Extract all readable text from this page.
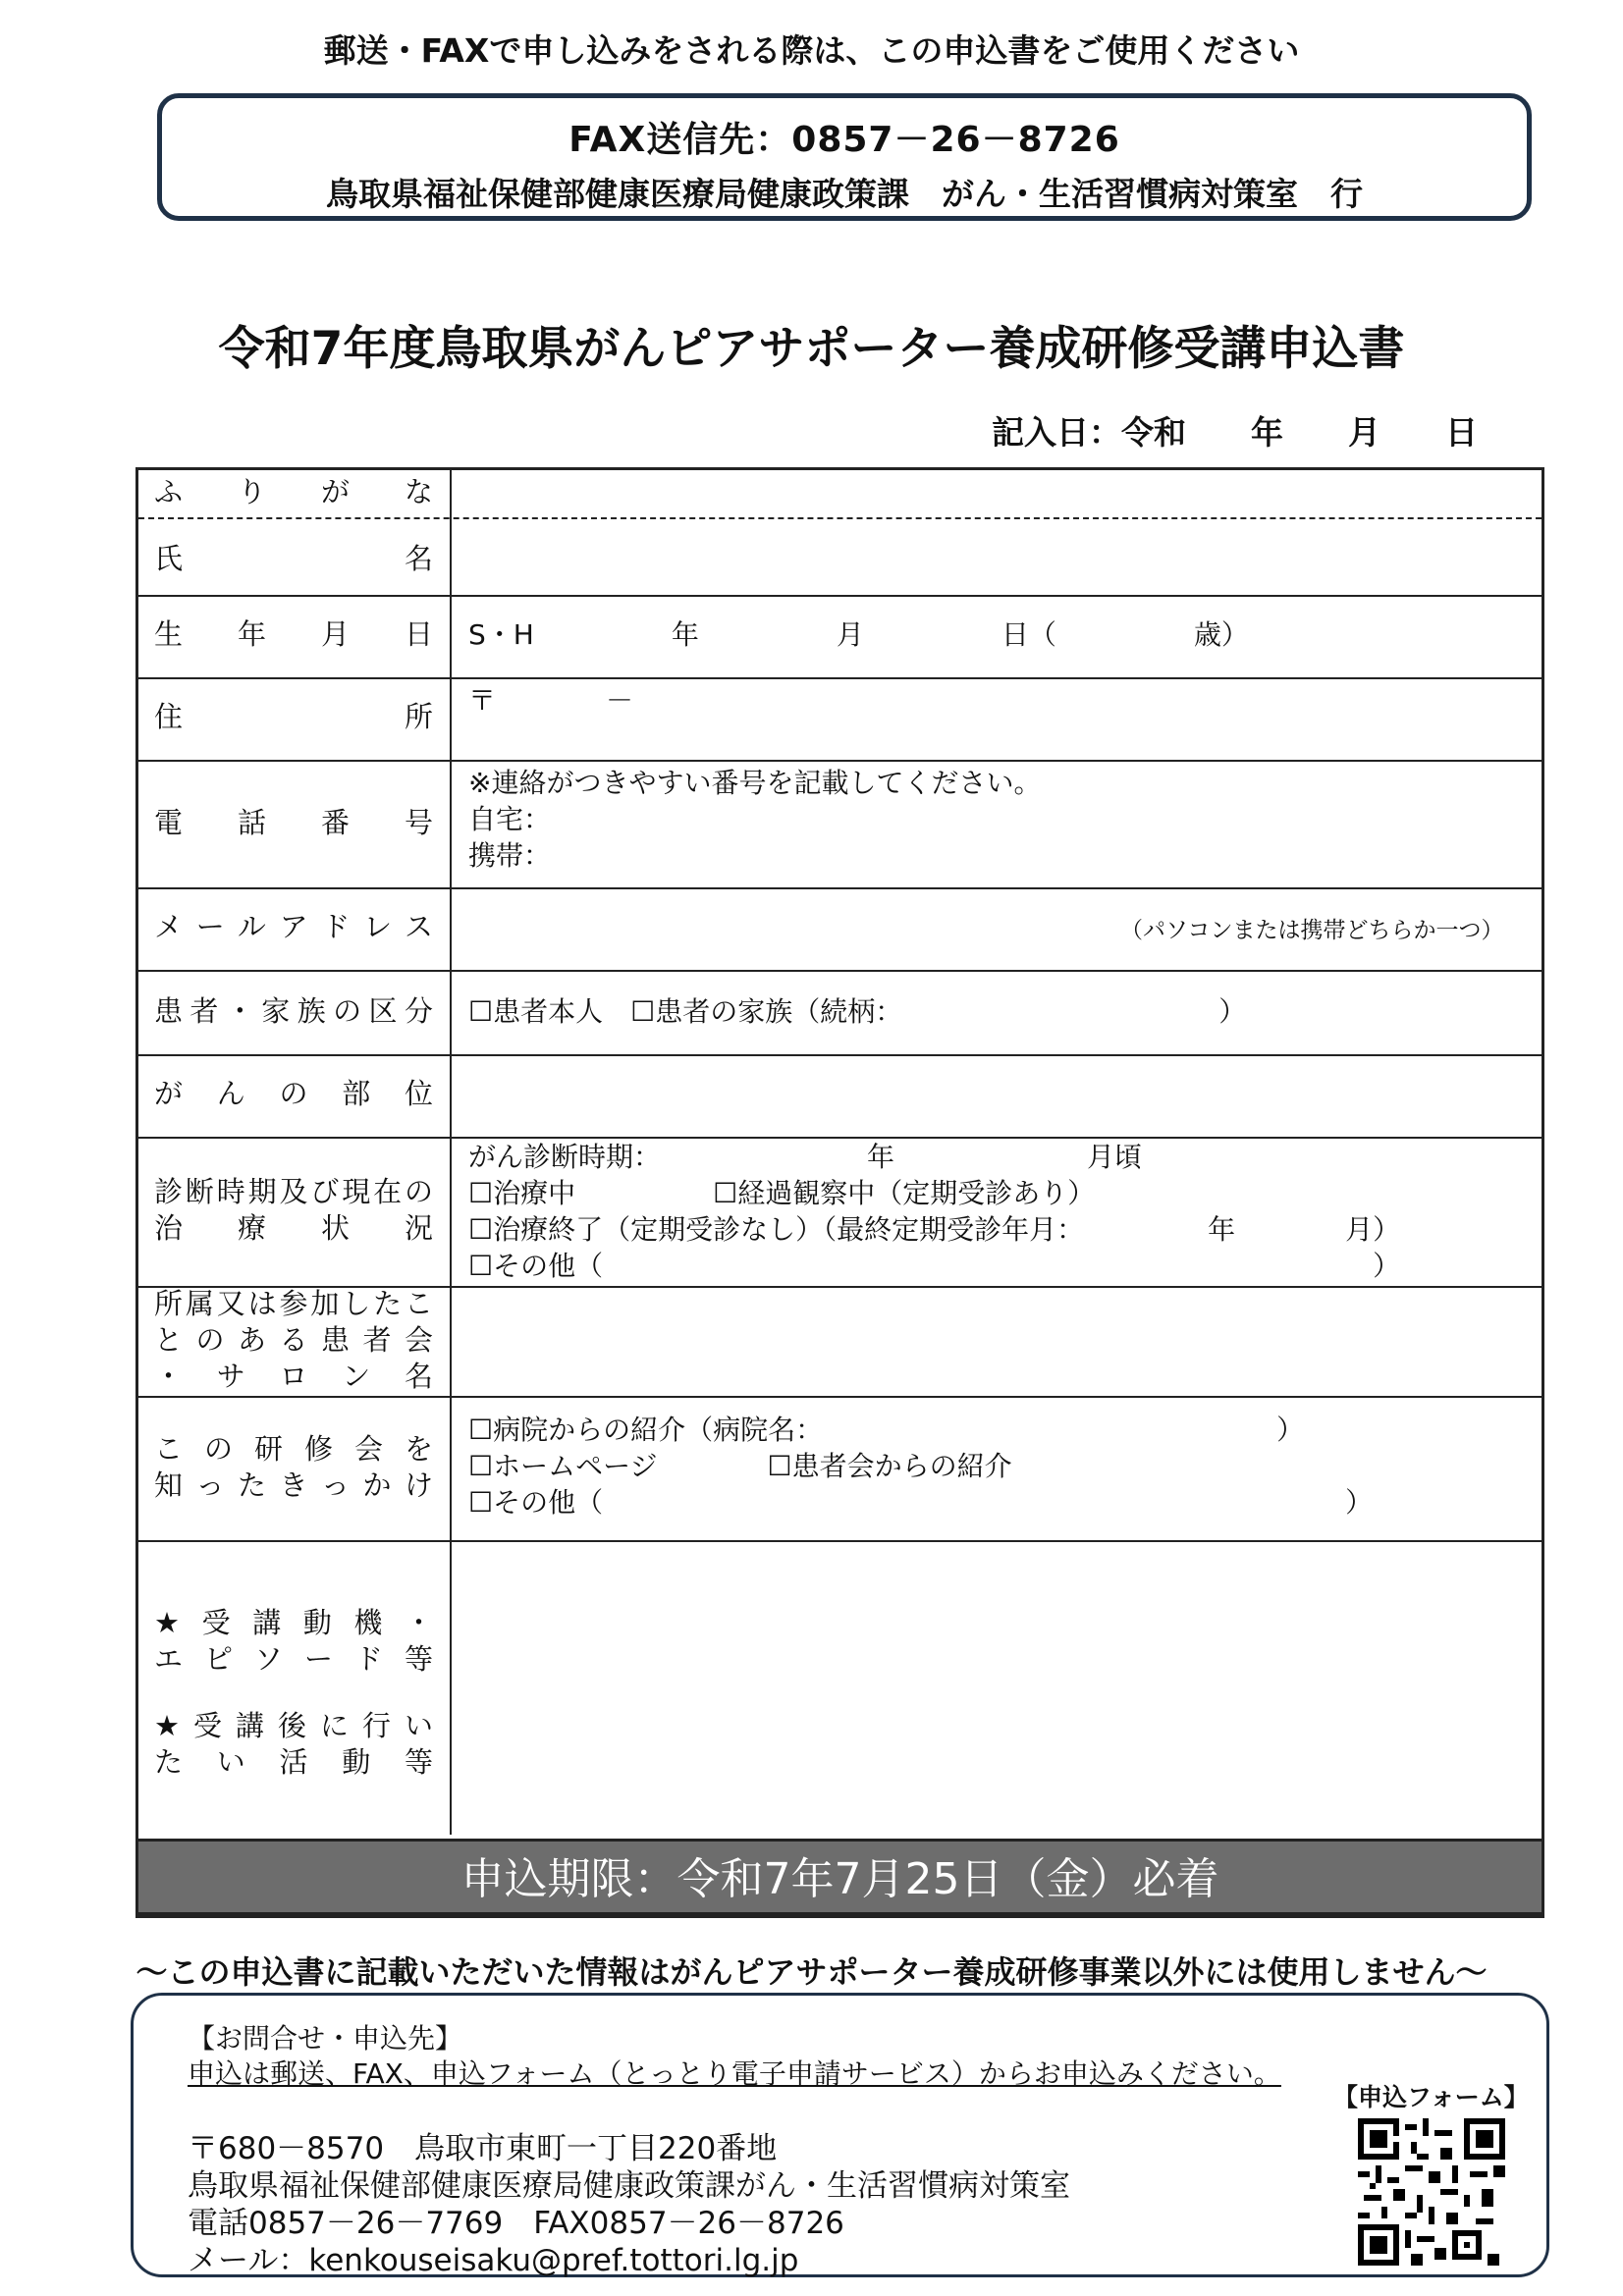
郵送・FAXで申し込みをされる際は、この申込書をご使用ください
FAX送信先：0857－26－8726
鳥取県福祉保健部健康医療局健康政策課　がん・生活習慣病対策室　行
令和7年度鳥取県がんピアサポーター養成研修受講申込書
記入日：令和　　年　　月　　日
ふりがな
氏名
生年月日 S・H　　　　　年　　　　　月　　　　　日（　　　　　歳）
住所 〒　　　　－
電話番号
※連絡がつきやすい番号を記載してください。
自宅：
携帯：
メールアドレス	（パソコンまたは携帯どちらか一つ）
患者・家族の区分 ☐患者本人　☐患者の家族（続柄：　　　　　　　　　　　　）
がんの部位
診断時期及び現在の
治療状況
がん診断時期：　　　　　　　　年　　　　　　　月頃
☐治療中　　　　　☐経過観察中（定期受診あり）
☐治療終了（定期受診なし）（最終定期受診年月：　　　　　年　　　　月）
☐その他（　　　　　　　　　　　　　　　　　　　　　　　　　　　　）
所属又は参加したこ
とのある患者会
・サロン名
この研修会を
知ったきっかけ
☐病院からの紹介（病院名：　　　　　　　　　　　　　　　　　）
☐ホームページ　　　　☐患者会からの紹介
☐その他（　　　　　　　　　　　　　　　　　　　　　　　　　　　）
★受講動機・
エピソード等
★受講後に行い
たい活動等
申込期限：令和7年7月25日（金）必着
～この申込書に記載いただいた情報はがんピアサポーター養成研修事業以外には使用しません～
【お問合せ・申込先】
申込は郵送、FAX、申込フォーム（とっとり電子申請サービス）からお申込みください。
〒680－8570　鳥取市東町一丁目220番地
鳥取県福祉保健部健康医療局健康政策課がん・生活習慣病対策室
電話0857－26－7769　FAX0857－26－8726
メール：kenkouseisaku@pref.tottori.lg.jp
【申込フォーム】
